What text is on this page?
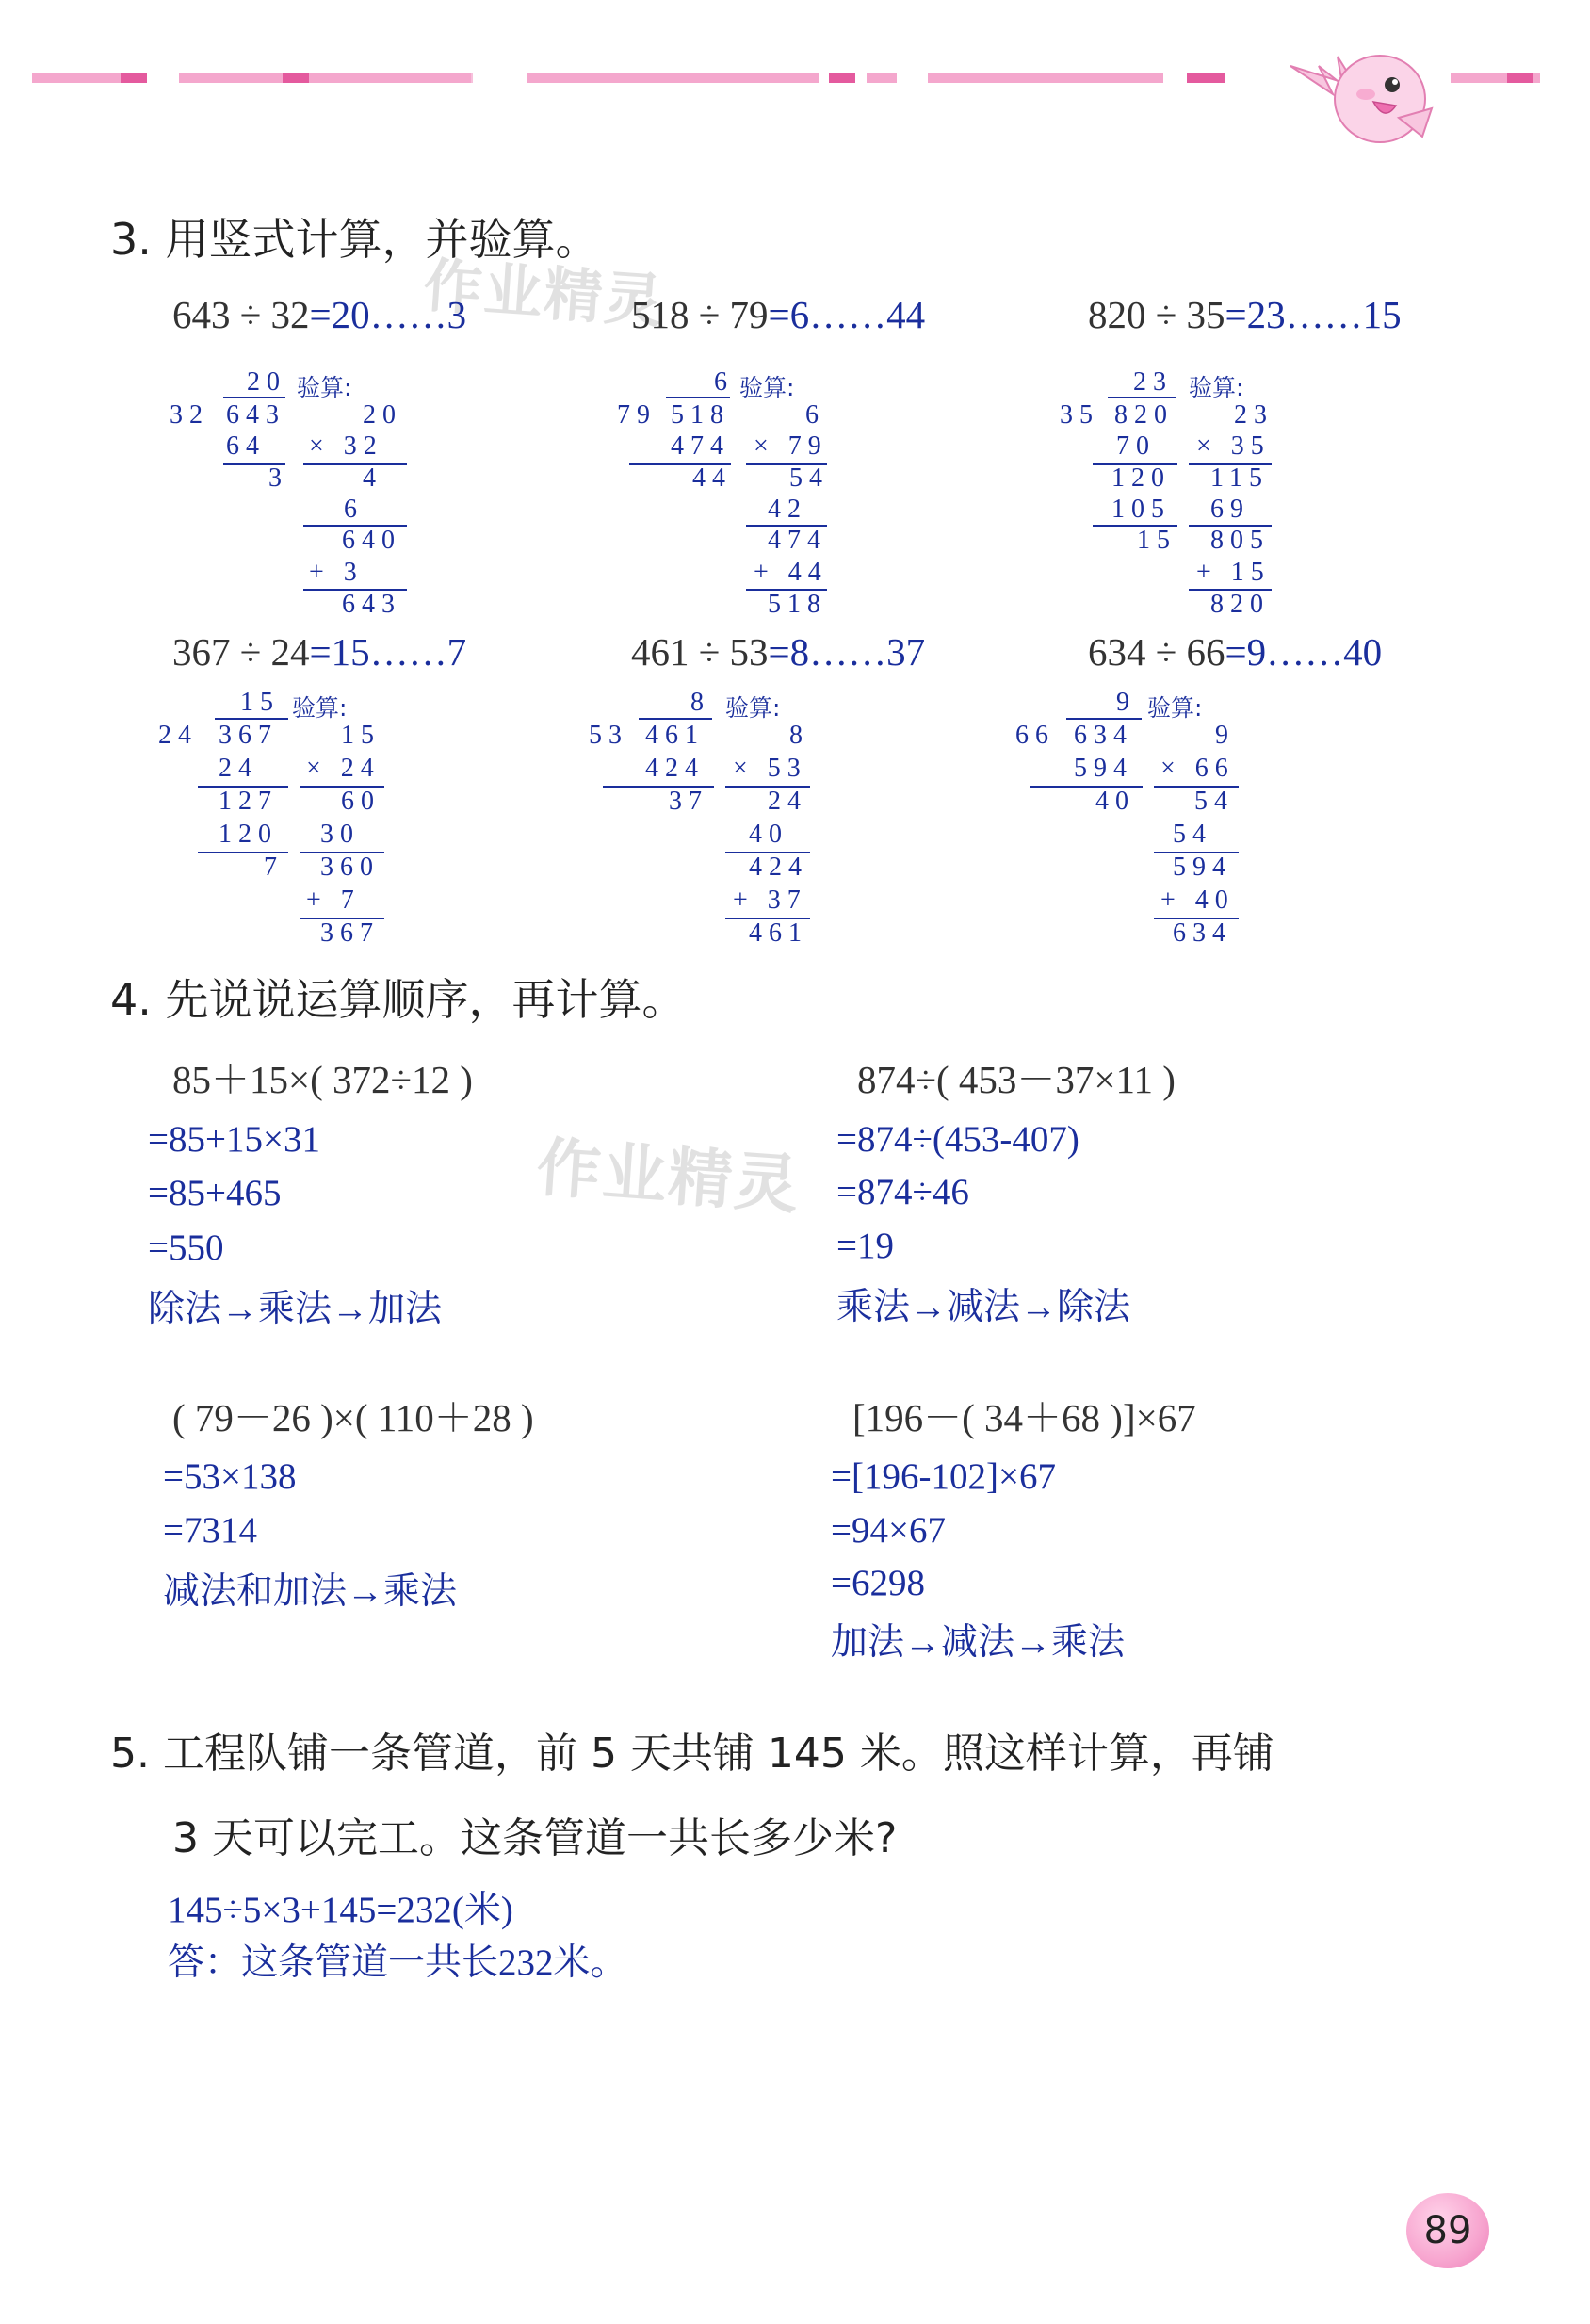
3. 用竖式计算，并验算。
作业精灵
643 ÷ 32=20……3	518 ÷ 79=6……44	820 ÷ 35=23……15
20 验算:
32 643
64
3
20
× 32
4
6
640
+ 3
643
6 验算:
79 518
474
44
6
× 79
54
42
474
+ 44
518
23 验算:
35 820
70
120
105
15
23
× 35
115
69
805
+ 15
820
367 ÷ 24=15……7	461 ÷ 53=8……37	634 ÷ 66=9……40
15 验算:
24 367
24
127
120
7
15
× 24
60
30
360
+ 7
367
8 验算:
53 461
424
37
8
× 53
24
40
424
+ 37
461
9 验算:
66 634
594
40
9
× 66
54
54
594
+ 40
634
4. 先说说运算顺序，再计算。
作业精灵
85＋15×( 372÷12 )
=85+15×31
=85+465
=550
除法→乘法→加法
874÷( 453－37×11 )
=874÷(453-407)
=874÷46
=19
乘法→减法→除法
( 79－26 )×( 110＋28 )
=53×138
=7314
减法和加法→乘法
[196－( 34＋68 )]×67
=[196-102]×67
=94×67
=6298
加法→减法→乘法
5. 工程队铺一条管道，前 5 天共铺 145 米。照这样计算，再铺
3 天可以完工。这条管道一共长多少米?
145÷5×3+145=232(米)
答：这条管道一共长232米。
89
